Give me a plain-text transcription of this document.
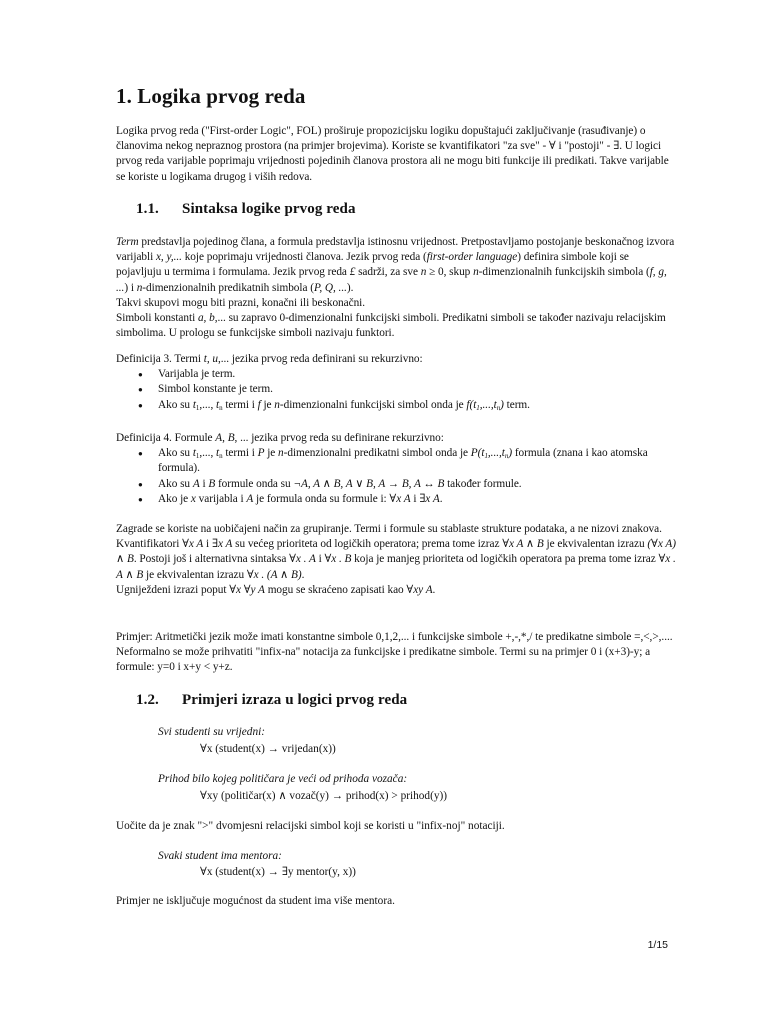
1. Logika prvog reda

Logika prvog reda ("First-order Logic", FOL) proširuje propozicijsku logiku dopuštajući zaključivanje (rasuđivanje) o članovima nekog nepraznog prostora (na primjer brojevima). Koriste se kvantifikatori "za sve" - ∀ i "postoji" - ∃. U logici prvog reda varijable poprimaju vrijednosti pojedinih članova prostora ali ne mogu biti funkcije ili predikati. Takve varijable se koriste u logikama drugog i viših redova.

1.1. Sintaksa logike prvog reda

Term predstavlja pojedinog člana, a formula predstavlja istinosnu vrijednost. Pretpostavljamo postojanje beskonačnog izvora varijabli x, y,... koje poprimaju vrijednosti članova. Jezik prvog reda (first-order language) definira simbole koji se pojavljuju u termima i formulama. Jezik prvog reda £ sadrži, za sve n ≥ 0, skup n-dimenzionalnih funkcijskih simbola (f, g, ...) i n-dimenzionalnih predikatnih simbola (P, Q, ...).

Takvi skupovi mogu biti prazni, konačni ili beskonačni.

Simboli konstanti a, b,... su zapravo 0-dimenzionalni funkcijski simboli. Predikatni simboli se također nazivaju relacijskim simbolima. U prologu se funkcijske simboli nazivaju funktori.

Definicija 3. Termi t, u,... jezika prvog reda definirani su rekurzivno:

● Varijabla je term.
● Simbol konstante je term.
● Ako su $t_1$,..., $t_n$ termi i f je n-dimenzionalni funkcijski simbol onda je $f(t_1,...,t_n)$ term.

Definicija 4. Formule A, B, ... jezika prvog reda su definirane rekurzivno:

● Ako su $t_1$,..., $t_n$ termi i P je n-dimenzionalni predikatni simbol onda je $P(t_1,...,t_n)$ formula (znana i kao atomska formula).
● Ako su A i B formule onda su ¬A, A ∧ B, A ∨ B, A → B, A ↔ B također formule.
● Ako je x varijabla i A je formula onda su formule i: ∀x A i ∃x A.

Zagrade se koriste na uobičajeni način za grupiranje. Termi i formule su stablaste strukture podataka, a ne nizovi znakova.

Kvantifikatori ∀x A i ∃x A su većeg prioriteta od logičkih operatora; prema tome izraz ∀x A ∧ B je ekvivalentan izrazu (∀x A) ∧ B. Postoji još i alternativna sintaksa ∀x . A i ∀x . B koja je manjeg prioriteta od logičkih operatora pa prema tome izraz ∀x . A ∧ B je ekvivalentan izrazu ∀x . (A ∧ B).

Ugniježdeni izrazi poput ∀x ∀y A mogu se skraćeno zapisati kao ∀xy A.

Primjer: Aritmetički jezik može imati konstantne simbole 0,1,2,... i funkcijske simbole +,-,*,/ te predikatne simbole =,<,>,.... Neformalno se može prihvatiti "infix-na" notacija za funkcijske i predikatne simbole. Termi su na primjer 0 i (x+3)-y; a formule: y=0 i x+y < y+z.

1.2. Primjeri izraza u logici prvog reda

Svi studenti su vrijedni:

∀x (student(x) → vrijedan(x))

Prihod bilo kojeg političara je veći od prihoda vozača:

∀xy (političar(x) ∧ vozač(y) → prihod(x) > prihod(y))

Uočite da je znak ">" dvomjesni relacijski simbol koji se koristi u "infix-noj" notaciji.

Svaki student ima mentora:

∀x (student(x) → ∃y mentor(y, x))

Primjer ne isključuje mogućnost da student ima više mentora.

1/15
